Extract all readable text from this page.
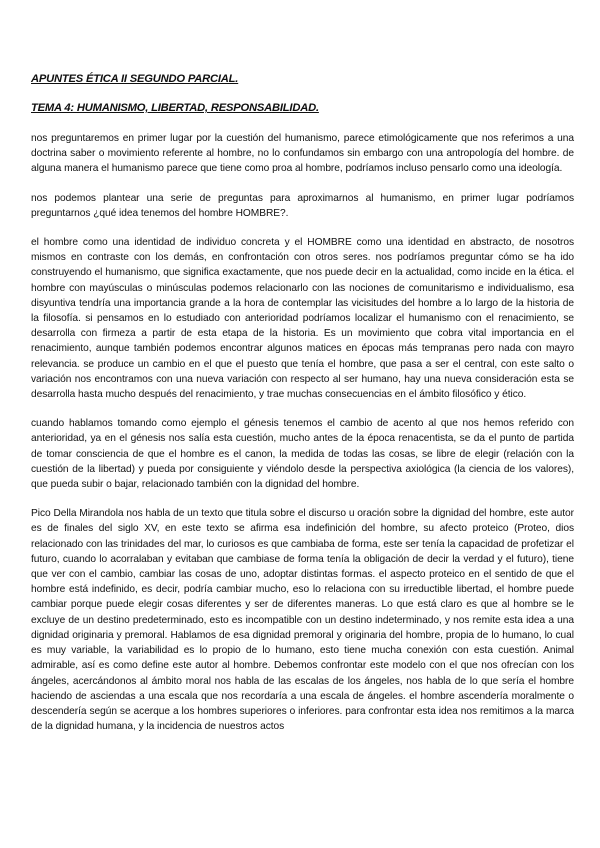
APUNTES ÉTICA II SEGUNDO PARCIAL.
TEMA 4: HUMANISMO, LIBERTAD, RESPONSABILIDAD.

nos preguntaremos en primer lugar por la cuestión del humanismo, parece etimológicamente que nos referimos a una doctrina saber o movimiento referente al hombre, no lo confundamos sin embargo con una antropología del hombre. de alguna manera el humanismo parece que tiene como proa al hombre, podríamos incluso pensarlo como una ideología.

nos podemos plantear una serie de preguntas para aproximarnos al humanismo, en primer lugar podríamos preguntarnos ¿qué idea tenemos del hombre HOMBRE?.

el hombre como una identidad de individuo concreta y el HOMBRE como una identidad en abstracto, de nosotros mismos en contraste con los demás, en confrontación con otros seres. nos podríamos preguntar cómo se ha ido construyendo el humanismo, que significa exactamente, que nos puede decir en la actualidad, como incide en la ética. el hombre con mayúsculas o minúsculas podemos relacionarlo con las nociones de comunitarismo e individualismo, esa disyuntiva tendría una importancia grande a la hora de contemplar las vicisitudes del hombre a lo largo de la historia de la filosofía. si pensamos en lo estudiado con anterioridad podríamos localizar el humanismo con el renacimiento, se desarrolla con firmeza a partir de esta etapa de la historia. Es un movimiento que cobra vital importancia en el renacimiento, aunque también podemos encontrar algunos matices en épocas más tempranas pero nada con mayro relevancia. se produce un cambio en el que el puesto que tenía el hombre, que pasa a ser el central, con este salto o variación nos encontramos con una nueva variación con respecto al ser humano, hay una nueva consideración esta se desarrolla hasta mucho después del renacimiento, y trae muchas consecuencias en el ámbito filosófico y ético.

cuando hablamos tomando como ejemplo el génesis tenemos el cambio de acento al que nos hemos referido con anterioridad, ya en el génesis nos salía esta cuestión, mucho antes de la época renacentista, se da el punto de partida de tomar consciencia de que el hombre es el canon, la medida de todas las cosas, se libre de elegir (relación con la cuestión de la libertad) y pueda por consiguiente y viéndolo desde la perspectiva axiológica (la ciencia de los valores), que pueda subir o bajar, relacionado también con la dignidad del hombre.

Pico Della Mirandola nos habla de un texto que titula sobre el discurso u oración sobre la dignidad del hombre, este autor es de finales del siglo XV, en este texto se afirma esa indefinición del hombre, su afecto proteico (Proteo, dios relacionado con las trinidades del mar, lo curiosos es que cambiaba de forma, este ser tenía la capacidad de profetizar el futuro, cuando lo acorralaban y evitaban que cambiase de forma tenía la obligación de decir la verdad y el futuro), tiene que ver con el cambio, cambiar las cosas de uno, adoptar distintas formas. el aspecto proteico en el sentido de que el hombre está indefinido, es decir, podría cambiar mucho, eso lo relaciona con su irreductible libertad, el hombre puede cambiar porque puede elegir cosas diferentes y ser de diferentes maneras. Lo que está claro es que al hombre se le excluye de un destino predeterminado, esto es incompatible con un destino indeterminado, y nos remite esta idea a una dignidad originaria y premoral. Hablamos de esa dignidad premoral y originaria del hombre, propia de lo humano, lo cual es muy variable, la variabilidad es lo propio de lo humano, esto tiene mucha conexión con esta cuestión. Animal admirable, así es como define este autor al hombre. Debemos confrontar este modelo con el que nos ofrecían con los ángeles, acercándonos al ámbito moral nos habla de las escalas de los ángeles, nos habla de lo que sería el hombre haciendo de asciendas a una escala que nos recordaría a una escala de ángeles. el hombre ascendería moralmente o descendería según se acerque a los hombres superiores o inferiores. para confrontar esta idea nos remitimos a la marca de la dignidad humana, y la incidencia de nuestros actos
